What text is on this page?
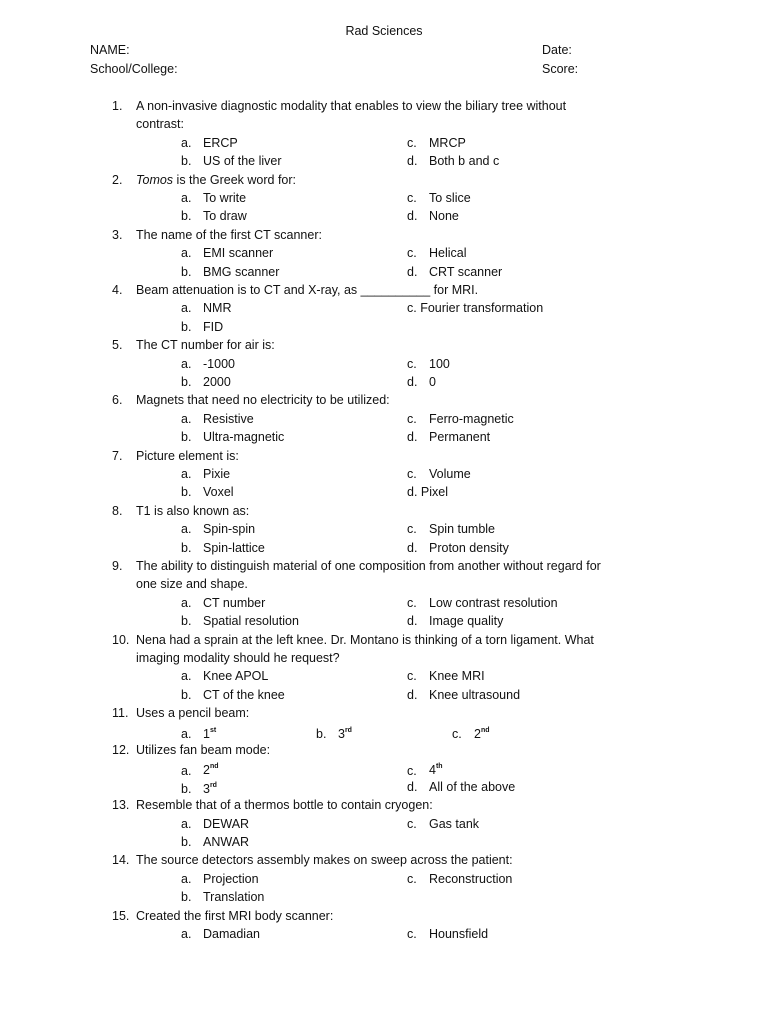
Rad Sciences
NAME:	Date:
School/College:	Score:
1. A non-invasive diagnostic modality that enables to view the biliary tree without
contrast:
a. ERCP	c. MRCP
b. US of the liver	d. Both b and c
2. Tomos is the Greek word for:
a. To write	c. To slice
b. To draw	d. None
3. The name of the first CT scanner:
a. EMI scanner	c. Helical
b. BMG scanner	d. CRT scanner
4. Beam attenuation is to CT and X-ray, as __________ for MRI.
a. NMR	c. Fourier transformation
b. FID
5. The CT number for air is:
a. -1000	c. 100
b. 2000	d. 0
6. Magnets that need no electricity to be utilized:
a. Resistive	c. Ferro-magnetic
b. Ultra-magnetic	d. Permanent
7. Picture element is:
a. Pixie	c. Volume
b. Voxel	d. Pixel
8. T1 is also known as:
a. Spin-spin	c. Spin tumble
b. Spin-lattice	d. Proton density
9. The ability to distinguish material of one composition from another without regard for
one size and shape.
a. CT number	c. Low contrast resolution
b. Spatial resolution	d. Image quality
10. Nena had a sprain at the left knee. Dr. Montano is thinking of a torn ligament. What
imaging modality should he request?
a. Knee APOL	c. Knee MRI
b. CT of the knee	d. Knee ultrasound
11. Uses a pencil beam:
a. 1st	b. 3rd	c. 2nd
12. Utilizes fan beam mode:
a. 2nd	c. 4th
b. 3rd	d. All of the above
13. Resemble that of a thermos bottle to contain cryogen:
a. DEWAR	c. Gas tank
b. ANWAR
14. The source detectors assembly makes on sweep across the patient:
a. Projection	c. Reconstruction
b. Translation
15. Created the first MRI body scanner:
a. Damadian	c. Hounsfield
